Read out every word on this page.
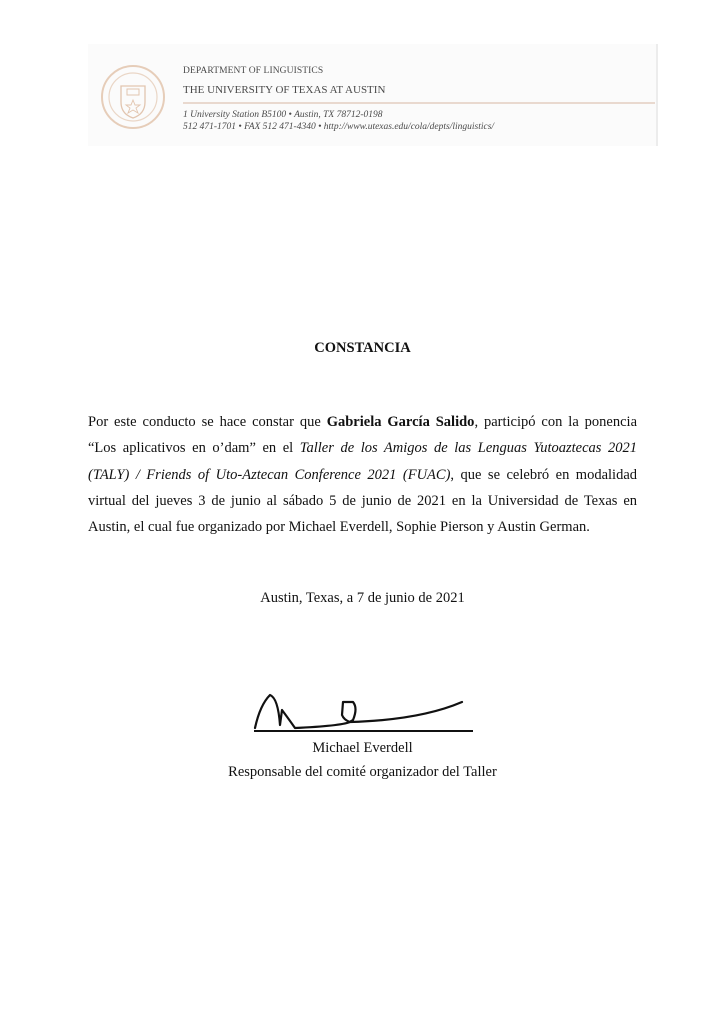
DEPARTMENT OF LINGUISTICS
THE UNIVERSITY OF TEXAS AT AUSTIN
1 University Station B5100 • Austin, TX 78712-0198
512 471-1701 • FAX 512 471-4340 • http://www.utexas.edu/cola/depts/linguistics/
CONSTANCIA

Por este conducto se hace constar que Gabriela García Salido, participó con la ponencia “Los aplicativos en o’dam” en el Taller de los Amigos de las Lenguas Yutoaztecas 2021 (TALY) / Friends of Uto-Aztecan Conference 2021 (FUAC), que se celebró en modalidad virtual del jueves 3 de junio al sábado 5 de junio de 2021 en la Universidad de Texas en Austin, el cual fue organizado por Michael Everdell, Sophie Pierson y Austin German.

Austin, Texas, a 7 de junio de 2021
Michael Everdell
Responsable del comité organizador del Taller
